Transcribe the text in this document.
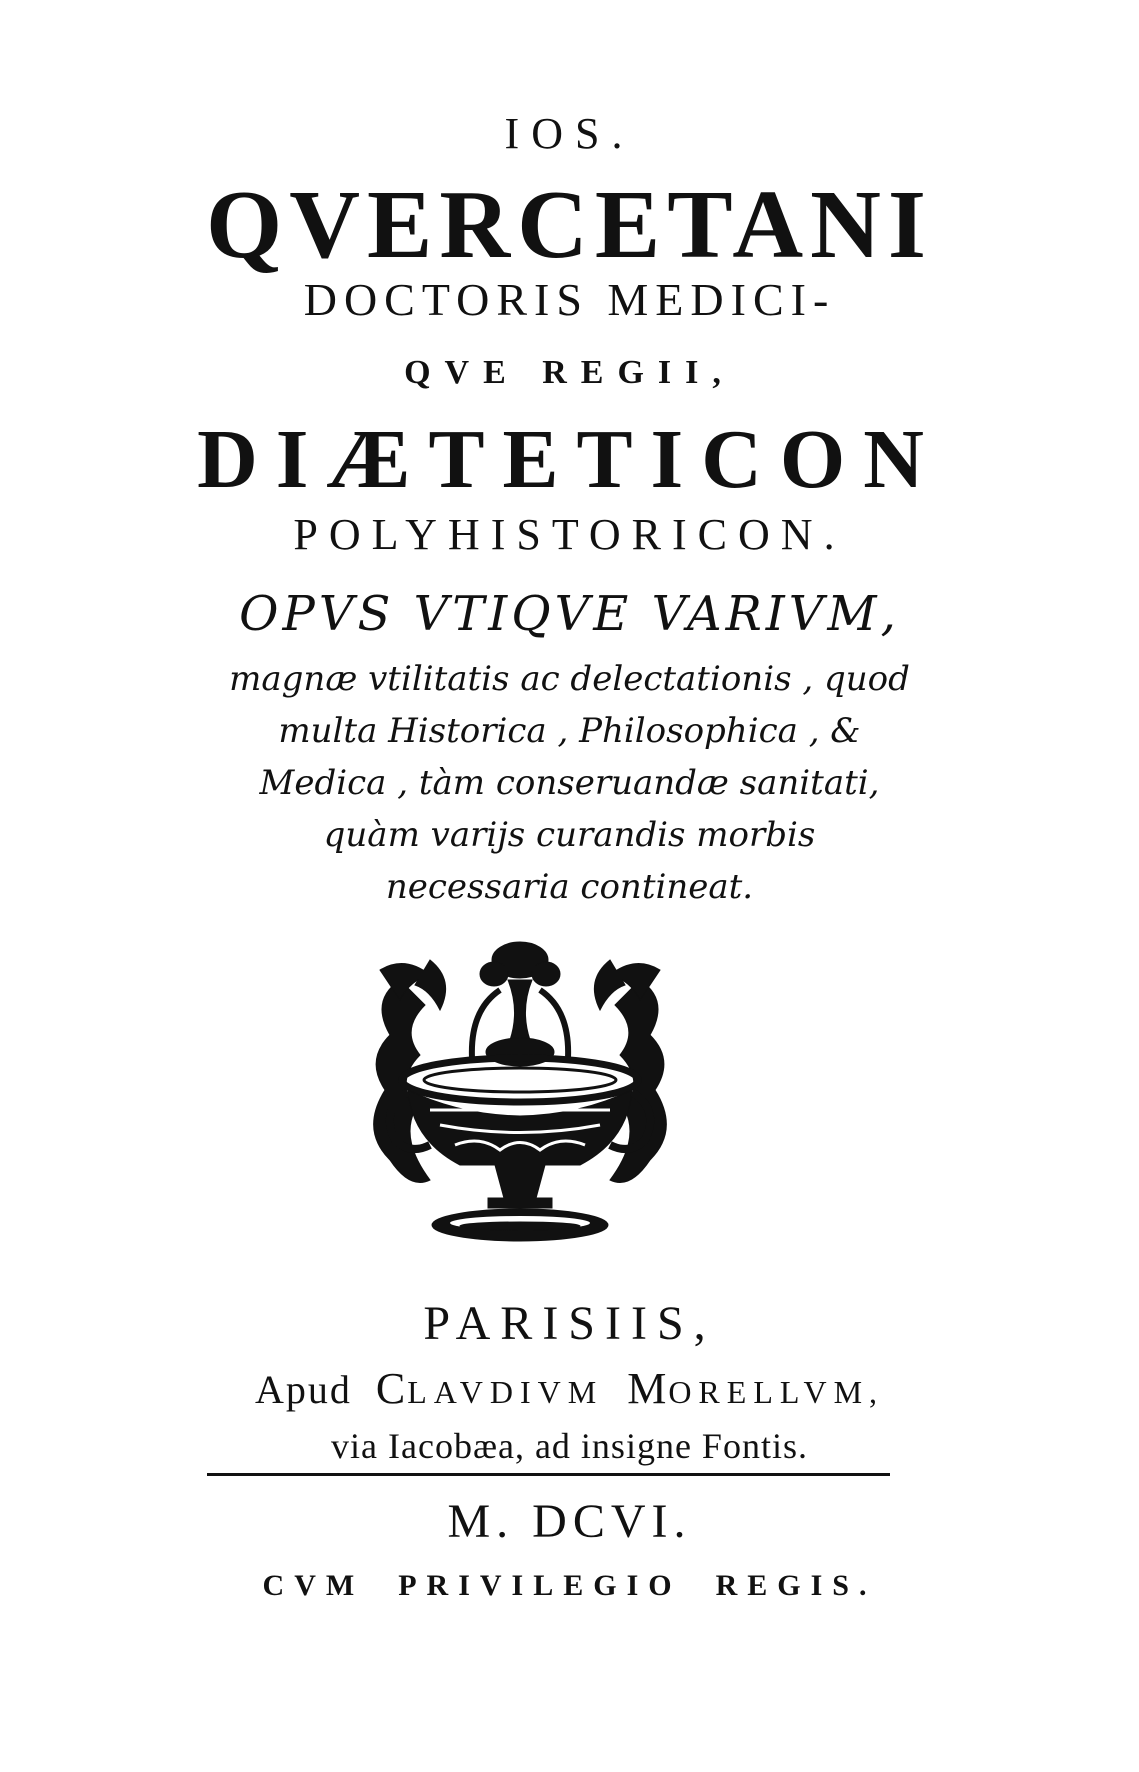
IOS.

QVERCETANI

DOCTORIS MEDICI-

QVE REGII,

DIÆTETICON

POLYHISTORICON.

OPVS VTIQVE VARIVM,

magnæ vtilitatis ac delectationis , quod

multa Historica , Philosophica , &

Medica , tàm conseruandæ sanitati,

quàm varijs curandis morbis

necessaria contineat.

PARISIIS,

Apud CLAVDIVM MORELLVM,

via Iacobæa, ad insigne Fontis.

M. DCVI.

CVM PRIVILEGIO REGIS.
